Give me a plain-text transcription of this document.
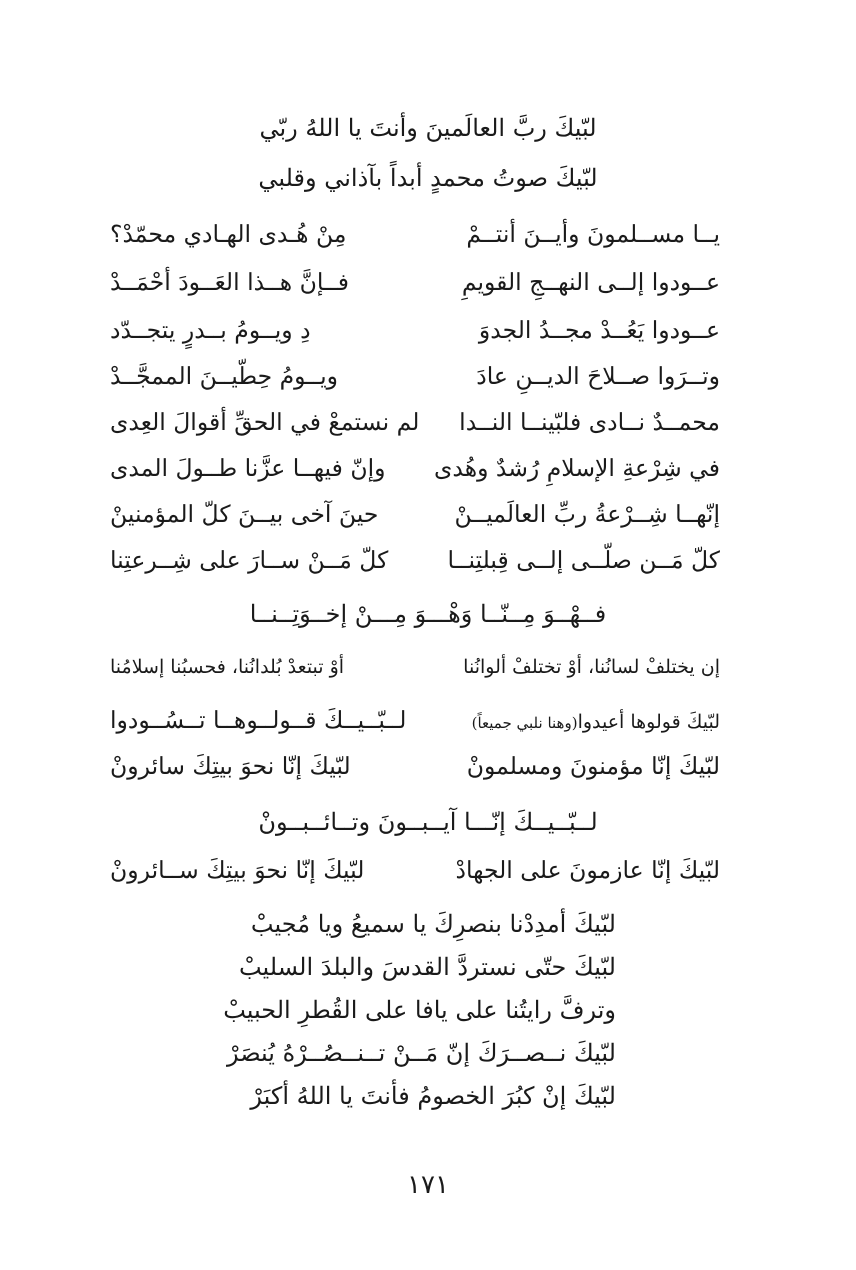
لبّيكَ ربَّ العالَمينَ وأنتَ يا اللهُ ربّي
لبّيكَ صوتُ محمدٍ أبداً بآذاني وقلبي
يــا مســلمونَ وأيــنَ أنتــمْ
مِنْ هُـدى الهـادي محمّدْ؟
عــودوا إلــى النهــجِ القويمِ
فــإنَّ هــذا العَــودَ أحْمَــدْ
عــودوا يَعُــدْ مجــدُ الجدوَ
دِ ويــومُ بــدرٍ يتجــدّد
وتــرَوا صــلاحَ الديــنِ عادَ
ويــومُ حِطّيــنَ الممجَّــدْ
محمــدٌ نــادى فلبّينــا النــدا
لم نستمعْ في الحقِّ أقوالَ العِدى
في شِرْعةِ الإسلامِ رُشدٌ وهُدى
وإنّ فيهــا عزَّنا طــولَ المدى
إنّهــا شِــرْعةُ ربِّ العالَميــنْ
حينَ آخى بيــنَ كلّ المؤمنينْ
كلّ مَــن صلّــى إلــى قِبلتِنــا
كلّ مَــنْ ســارَ على شِــرعتِنا
فــهْــوَ مِــنّــا وَهْـــوَ مِـــنْ إخــوَتِــنــا
إن يختلفْ لسانُنا، أوْ تختلفْ ألوانُنا
أوْ تبتعدْ بُلدانُنا، فحسبُنا إسلامُنا
لبّيكَ قولوها أعيدوا(وهنا نلبي جميعاً)
لــبّــيــكَ قــولــوهــا تــسُــودوا
لبّيكَ إنّا مؤمنونَ ومسلمونْ
لبّيكَ إنّا نحوَ بيتِكَ سائرونْ
لــبّــيــكَ إنّـــا آيــبــونَ وتــائــبــونْ
لبّيكَ إنّا عازمونَ على الجهادْ
لبّيكَ إنّا نحوَ بيتِكَ ســائرونْ
لبّيكَ أمدِدْنا بنصرِكَ يا سميعُ ويا مُجيبْ
لبّيكَ حتّى نستردَّ القدسَ والبلدَ السليبْ
وترفَّ رايتُنا على يافا على القُطرِ الحبيبْ
لبّيكَ نــصــرَكَ إنّ مَــنْ تــنــصُــرْهُ يُنصَرْ
لبّيكَ إنْ كبُرَ الخصومُ فأنتَ يا اللهُ أكبَرْ
١٧١
